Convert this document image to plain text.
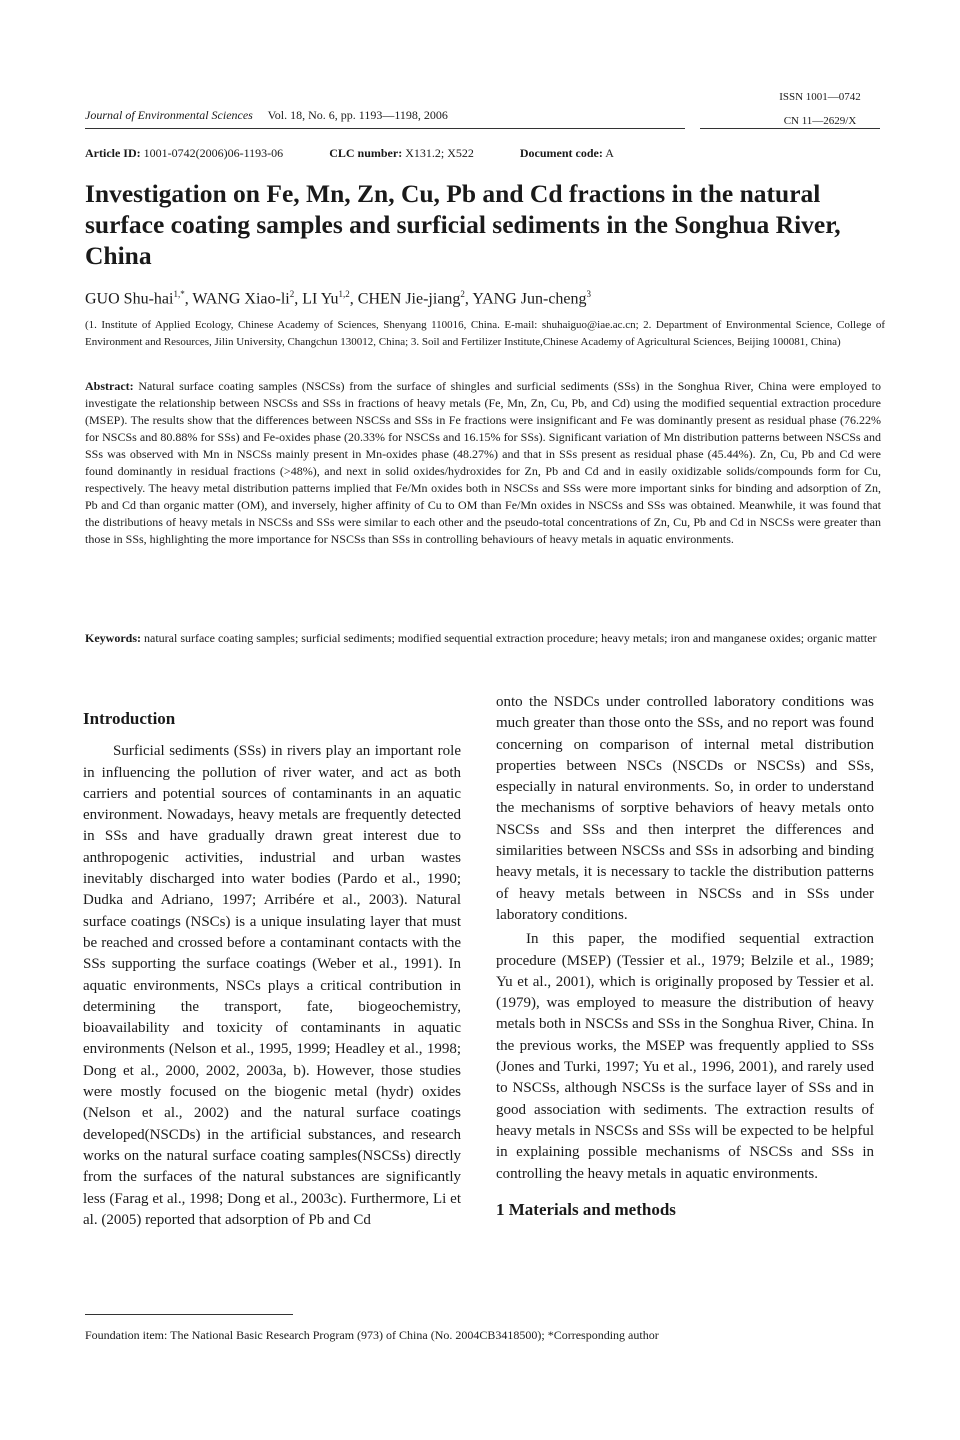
ISSN 1001—0742
CN 11—2629/X
Journal of Environmental Sciences Vol. 18, No. 6, pp. 1193—1198, 2006
Article ID: 1001-0742(2006)06-1193-06	CLC number: X131.2; X522	Document code: A
Investigation on Fe, Mn, Zn, Cu, Pb and Cd fractions in the natural surface coating samples and surficial sediments in the Songhua River, China
GUO Shu-hai$^{1,*}$, WANG Xiao-$li^2$, LI Yu$^{1,2}$, CHEN Jie-jiang$^2$, YANG Jun-cheng$^3$
(1. Institute of Applied Ecology, Chinese Academy of Sciences, Shenyang 110016, China. E-mail: shuhaiguo@iae.ac.cn; 2. Department of Environmental Science, College of Environment and Resources, Jilin University, Changchun 130012, China; 3. Soil and Fertilizer Institute,Chinese Academy of Agricultural Sciences, Beijing 100081, China)
Abstract: Natural surface coating samples (NSCSs) from the surface of shingles and surficial sediments (SSs) in the Songhua River, China were employed to investigate the relationship between NSCSs and SSs in fractions of heavy metals (Fe, Mn, Zn, Cu, Pb, and Cd) using the modified sequential extraction procedure (MSEP). The results show that the differences between NSCSs and SSs in Fe fractions were insignificant and Fe was dominantly present as residual phase (76.22% for NSCSs and 80.88% for SSs) and Fe-oxides phase (20.33% for NSCSs and 16.15% for SSs). Significant variation of Mn distribution patterns between NSCSs and SSs was observed with Mn in NSCSs mainly present in Mn-oxides phase (48.27%) and that in SSs present as residual phase (45.44%). Zn, Cu, Pb and Cd were found dominantly in residual fractions (>48%), and next in solid oxides/hydroxides for Zn, Pb and Cd and in easily oxidizable solids/compounds form for Cu, respectively. The heavy metal distribution patterns implied that Fe/Mn oxides both in NSCSs and SSs were more important sinks for binding and adsorption of Zn, Pb and Cd than organic matter (OM), and inversely, higher affinity of Cu to OM than Fe/Mn oxides in NSCSs and SSs was obtained. Meanwhile, it was found that the distributions of heavy metals in NSCSs and SSs were similar to each other and the pseudo-total concentrations of Zn, Cu, Pb and Cd in NSCSs were greater than those in SSs, highlighting the more importance for NSCSs than SSs in controlling behaviours of heavy metals in aquatic environments.
Keywords: natural surface coating samples; surficial sediments; modified sequential extraction procedure; heavy metals; iron and manganese oxides; organic matter
Introduction

Surficial sediments (SSs) in rivers play an important role in influencing the pollution of river water, and act as both carriers and potential sources of contaminants in an aquatic environment. Nowadays, heavy metals are frequently detected in SSs and have gradually drawn great interest due to anthropogenic activities, industrial and urban wastes inevitably discharged into water bodies (Pardo et al., 1990; Dudka and Adriano, 1997; Arribére et al., 2003). Natural surface coatings (NSCs) is a unique insulating layer that must be reached and crossed before a contaminant contacts with the SSs supporting the surface coatings (Weber et al., 1991). In aquatic environments, NSCs plays a critical contribution in determining the transport, fate, biogeochemistry, bioavailability and toxicity of contaminants in aquatic environments (Nelson et al., 1995, 1999; Headley et al., 1998; Dong et al., 2000, 2002, 2003a, b). However, those studies were mostly focused on the biogenic metal (hydr) oxides (Nelson et al., 2002) and the natural surface coatings developed(NSCDs) in the artificial substances, and research works on the natural surface coating samples(NSCSs) directly from the surfaces of the natural substances are significantly less (Farag et al., 1998; Dong et al., 2003c). Furthermore, Li et al. (2005) reported that adsorption of Pb and Cd

onto the NSDCs under controlled laboratory conditions was much greater than those onto the SSs, and no report was found concerning on comparison of internal metal distribution properties between NSCs (NSCDs or NSCSs) and SSs, especially in natural environments. So, in order to understand the mechanisms of sorptive behaviors of heavy metals onto NSCSs and SSs and then interpret the differences and similarities between NSCSs and SSs in adsorbing and binding heavy metals, it is necessary to tackle the distribution patterns of heavy metals between in NSCSs and in SSs under laboratory conditions.

In this paper, the modified sequential extraction procedure (MSEP) (Tessier et al., 1979; Belzile et al., 1989; Yu et al., 2001), which is originally proposed by Tessier et al. (1979), was employed to measure the distribution of heavy metals both in NSCSs and SSs in the Songhua River, China. In the previous works, the MSEP was frequently applied to SSs (Jones and Turki, 1997; Yu et al., 1996, 2001), and rarely used to NSCSs, although NSCSs is the surface layer of SSs and in good association with sediments. The extraction results of heavy metals in NSCSs and SSs will be expected to be helpful in explaining possible mechanisms of NSCSs and SSs in controlling the heavy metals in aquatic environments.

1 Materials and methods
Foundation item: The National Basic Research Program (973) of China (No. 2004CB3418500); *Corresponding author
